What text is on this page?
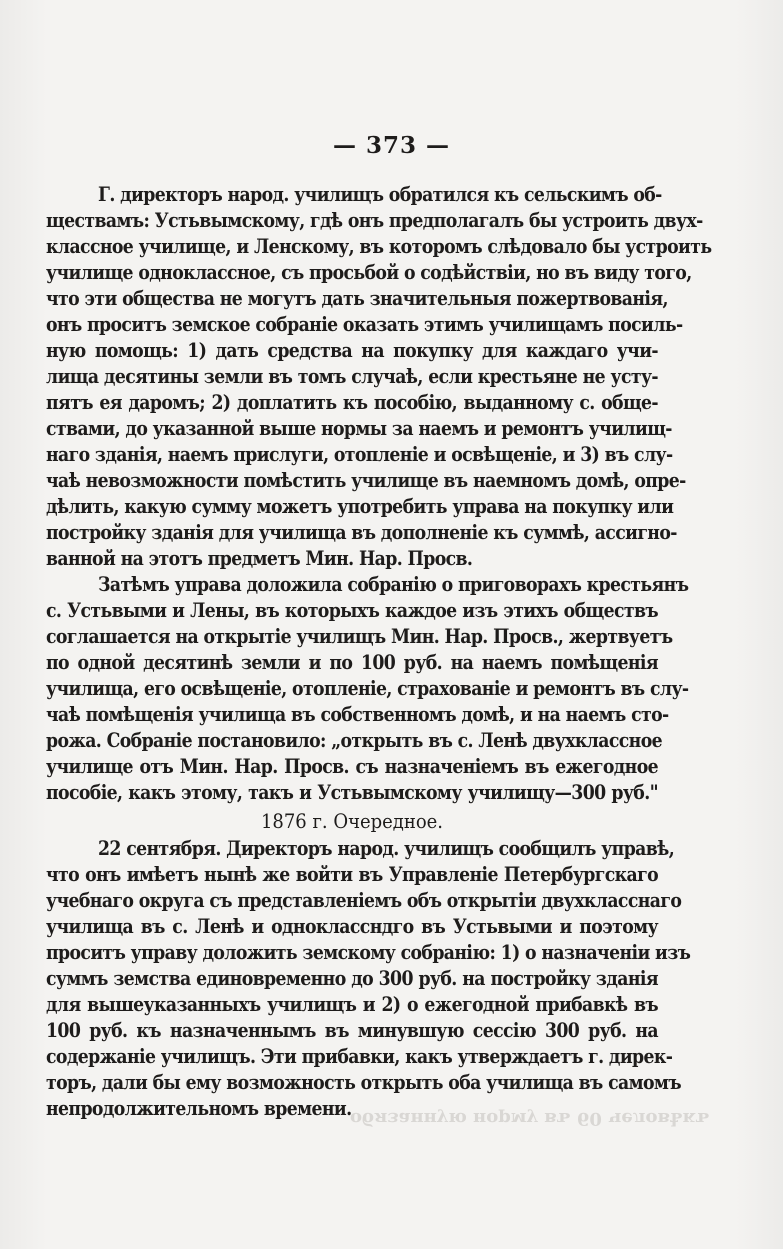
— 373 —
Г. директоръ народ. училищъ обратился къ сельскимъ об-
ществамъ: Устьвымскому, гдѣ онъ предполагалъ бы устроить двух-
классное училище, и Ленскому, въ которомъ слѣдовало бы устроить
училище одноклассное, съ просьбой о содѣйствіи, но въ виду того,
что эти общества не могутъ дать значительныя пожертвованія,
онъ проситъ земское собраніе оказать этимъ училищамъ посиль-
ную помощь: 1) дать средства на покупку для каждаго учи-
лища десятины земли въ томъ случаѣ, если крестьяне не усту-
пятъ ея даромъ; 2) доплатить къ пособію, выданному с. обще-
ствами, до указанной выше нормы за наемъ и ремонтъ училищ-
наго зданія, наемъ прислуги, отопленіе и освѣщеніе, и 3) въ слу-
чаѣ невозможности помѣстить училище въ наемномъ домѣ, опре-
дѣлить, какую сумму можетъ употребить управа на покупку или
постройку зданія для училища въ дополненіе къ суммѣ, ассигно-
ванной на этотъ предметъ Мин. Нар. Просв.
Затѣмъ управа доложила собранію о приговорахъ крестьянъ
с. Устьвыми и Лены, въ которыхъ каждое изъ этихъ обществъ
соглашается на открытіе училищъ Мин. Нар. Просв., жертвуетъ
по одной десятинѣ земли и по 100 руб. на наемъ помѣщенія
училища, его освѣщеніе, отопленіе, страхованіе и ремонтъ въ слу-
чаѣ помѣщенія училища въ собственномъ домѣ, и на наемъ сто-
рожа. Собраніе постановило: „открыть въ с. Ленѣ двухклассное
училище отъ Мин. Нар. Просв. съ назначеніемъ въ ежегодное
пособіе, какъ этому, такъ и Устьвымскому училищу—300 руб."
1876 г. Очередное.
22 сентября. Директоръ народ. училищъ сообщилъ управѣ,
что онъ имѣетъ нынѣ же войти въ Управленіе Петербургскаго
учебнаго округа съ представленіемъ объ открытіи двухкласснаго
училища въ с. Ленѣ и одноклассндго въ Устьвыми и поэтому
проситъ управу доложить земскому собранію: 1) о назначеніи изъ
суммъ земства единовременно до 300 руб. на постройку зданія
для вышеуказанныхъ училищъ и 2) о ежегодной прибавкѣ въ
100 руб. къ назначеннымъ въ минувшую сессію 300 руб. на
содержаніе училищъ. Эти прибавки, какъ утверждаетъ г. дирек-
торъ, дали бы ему возможность открыть оба училища въ самомъ
непродолжительномъ времени.
обязанную норму въ 60 человѣкъ
